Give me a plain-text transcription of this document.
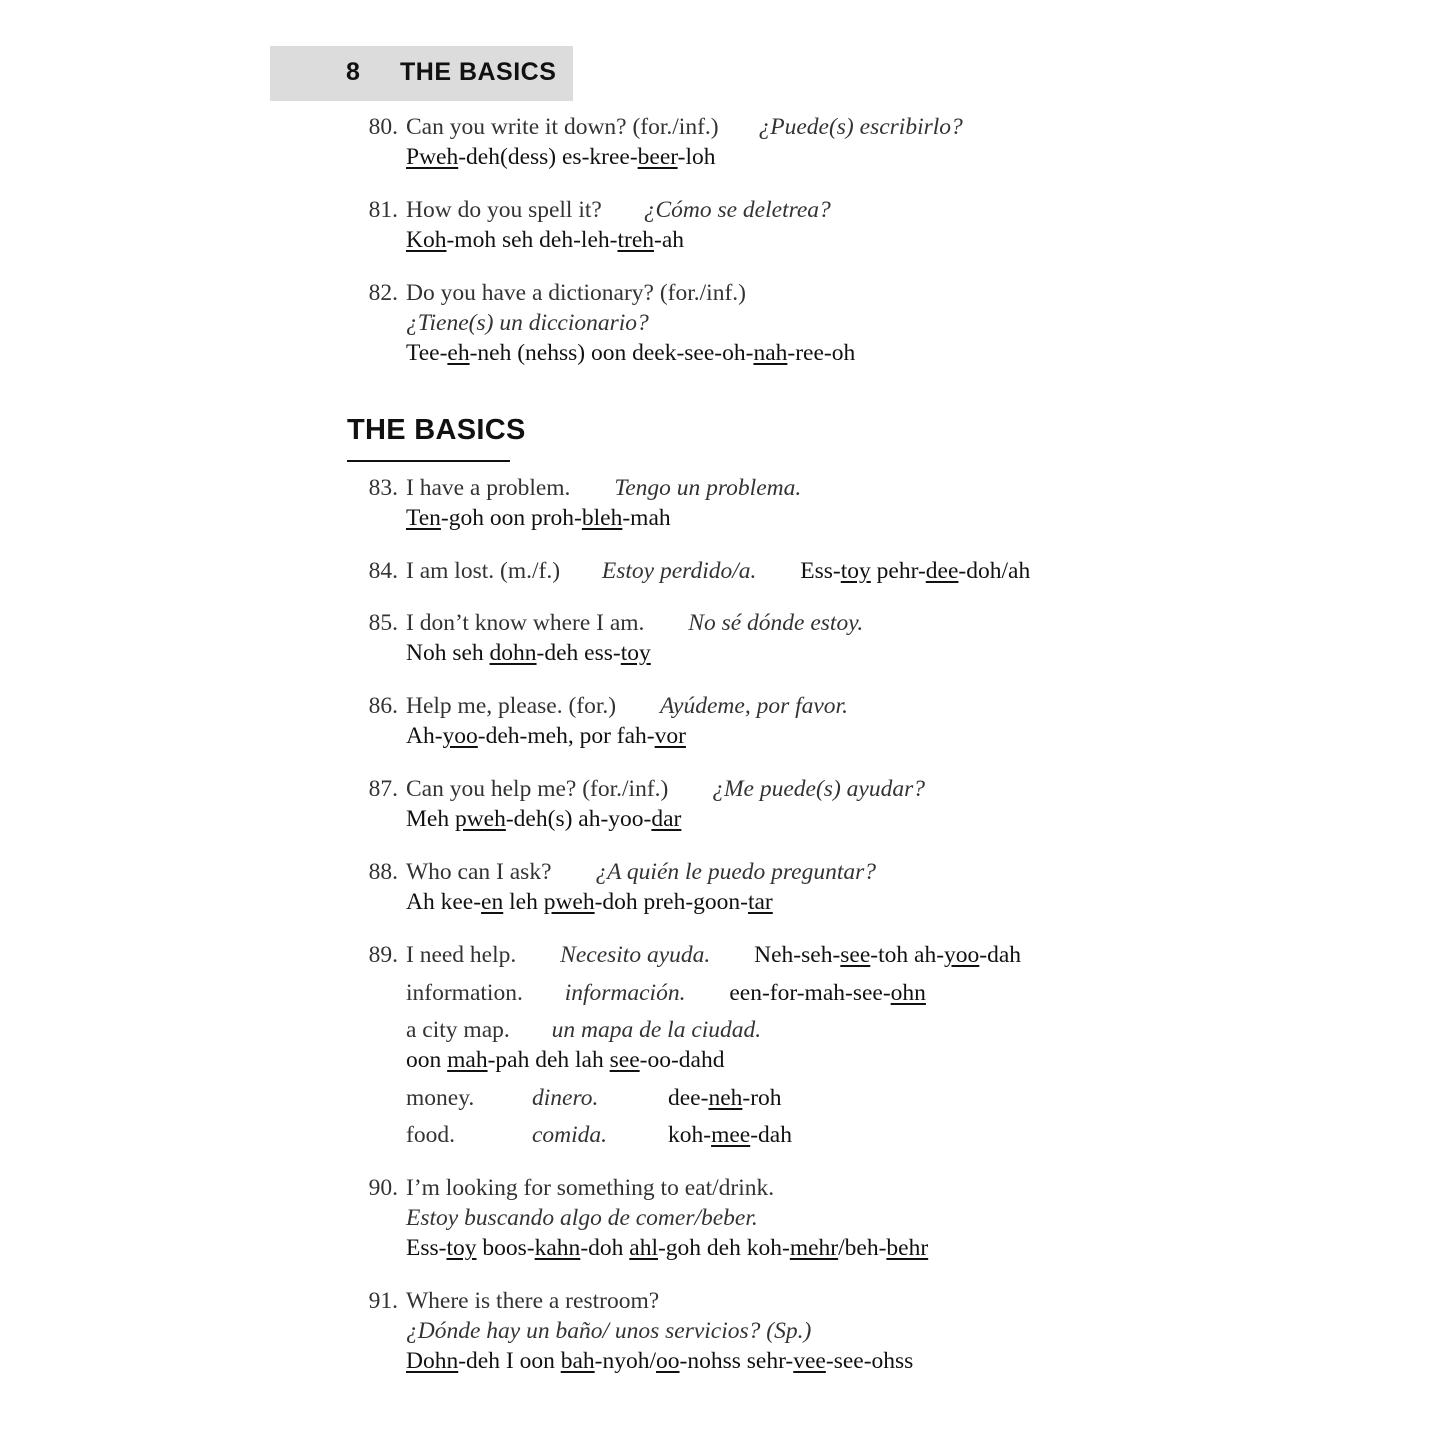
8 THE BASICS
80. Can you write it down? (for./inf.) ¿Puede(s) escribirlo?
Pweh-deh(dess) es-kree-beer-loh
81. How do you spell it? ¿Cómo se deletrea?
Koh-moh seh deh-leh-treh-ah
82. Do you have a dictionary? (for./inf.)
¿Tiene(s) un diccionario?
Tee-eh-neh (nehss) oon deek-see-oh-nah-ree-oh
THE BASICS
83. I have a problem. Tengo un problema.
Ten-goh oon proh-bleh-mah
84. I am lost. (m./f.) Estoy perdido/a. Ess-toy pehr-dee-doh/ah
85. I don’t know where I am. No sé dónde estoy.
Noh seh dohn-deh ess-toy
86. Help me, please. (for.) Ayúdeme, por favor.
Ah-yoo-deh-meh, por fah-vor
87. Can you help me? (for./inf.) ¿Me puede(s) ayudar?
Meh pweh-deh(s) ah-yoo-dar
88. Who can I ask? ¿A quién le puedo preguntar?
Ah kee-en leh pweh-doh preh-goon-tar
89. I need help. Necesito ayuda. Neh-seh-see-toh ah-yoo-dah
information. información. een-for-mah-see-ohn
a city map. un mapa de la ciudad.
oon mah-pah deh lah see-oo-dahd
money. dinero.	dee-neh-roh
food.	comida.	koh-mee-dah
90. I’m looking for something to eat/drink.
Estoy buscando algo de comer/beber.
Ess-toy boos-kahn-doh ahl-goh deh koh-mehr/beh-behr
91. Where is there a restroom?
¿Dónde hay un baño/ unos servicios? (Sp.)
Dohn-deh I oon bah-nyoh/oo-nohss sehr-vee-see-ohss
